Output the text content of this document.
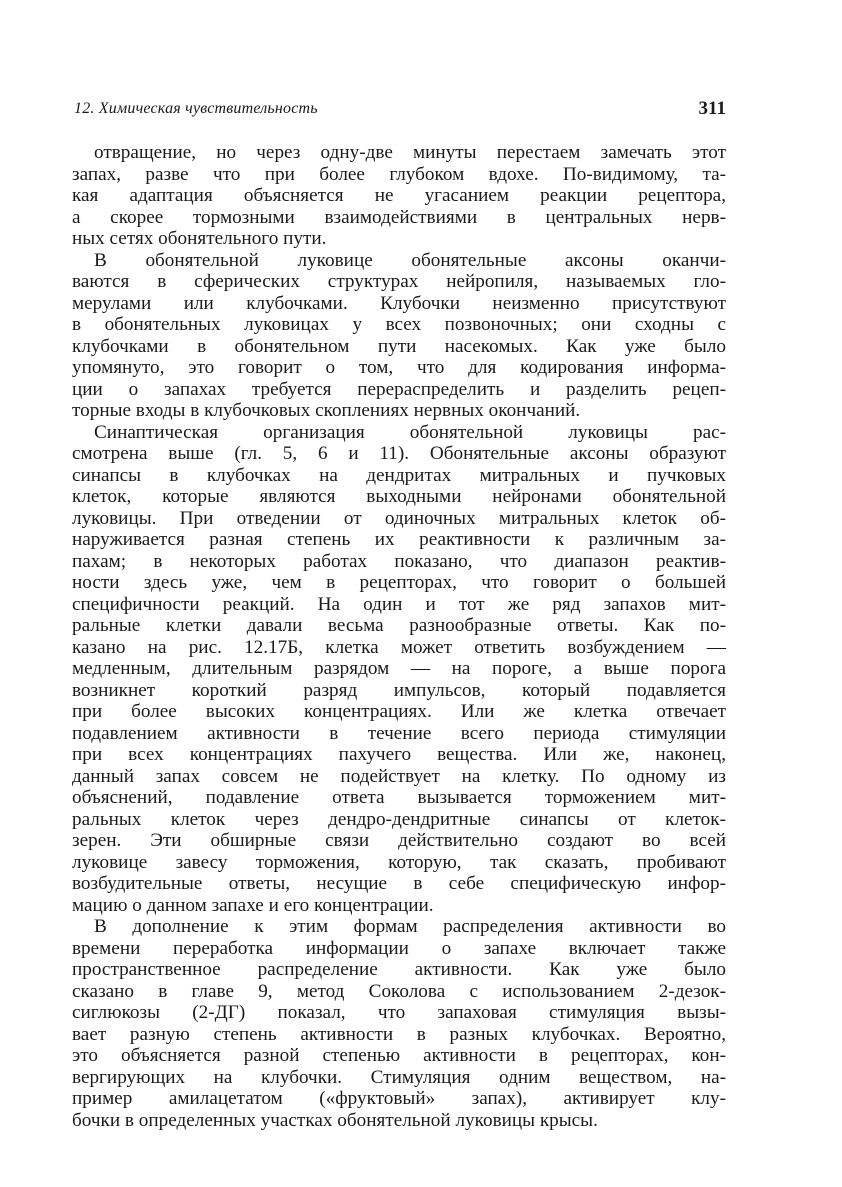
12. Химическая чувствительность	311
отвращение, но через одну-две минуты перестаем замечать этот
запах, разве что при более глубоком вдохе. По-видимому, та-
кая адаптация объясняется не угасанием реакции рецептора,
а скорее тормозными взаимодействиями в центральных нерв-
ных сетях обонятельного пути.
В обонятельной луковице обонятельные аксоны оканчи-
ваются в сферических структурах нейропиля, называемых гло-
мерулами или клубочками. Клубочки неизменно присутствуют
в обонятельных луковицах у всех позвоночных; они сходны с
клубочками в обонятельном пути насекомых. Как уже было
упомянуто, это говорит о том, что для кодирования информа-
ции о запахах требуется перераспределить и разделить рецеп-
торные входы в клубочковых скоплениях нервных окончаний.
Синаптическая организация обонятельной луковицы рас-
смотрена выше (гл. 5, 6 и 11). Обонятельные аксоны образуют
синапсы в клубочках на дендритах митральных и пучковых
клеток, которые являются выходными нейронами обонятельной
луковицы. При отведении от одиночных митральных клеток об-
наруживается разная степень их реактивности к различным за-
пахам; в некоторых работах показано, что диапазон реактив-
ности здесь уже, чем в рецепторах, что говорит о большей
специфичности реакций. На один и тот же ряд запахов мит-
ральные клетки давали весьма разнообразные ответы. Как по-
казано на рис. 12.17Б, клетка может ответить возбуждением —
медленным, длительным разрядом — на пороге, а выше порога
возникнет короткий разряд импульсов, который подавляется
при более высоких концентрациях. Или же клетка отвечает
подавлением активности в течение всего периода стимуляции
при всех концентрациях пахучего вещества. Или же, наконец,
данный запах совсем не подействует на клетку. По одному из
объяснений, подавление ответа вызывается торможением мит-
ральных клеток через дендро-дендритные синапсы от клеток-
зерен. Эти обширные связи действительно создают во всей
луковице завесу торможения, которую, так сказать, пробивают
возбудительные ответы, несущие в себе специфическую инфор-
мацию о данном запахе и его концентрации.
В дополнение к этим формам распределения активности во
времени переработка информации о запахе включает также
пространственное распределение активности. Как уже было
сказано в главе 9, метод Соколова с использованием 2-дезок-
сиглюкозы (2-ДГ) показал, что запаховая стимуляция вызы-
вает разную степень активности в разных клубочках. Вероятно,
это объясняется разной степенью активности в рецепторах, кон-
вергирующих на клубочки. Стимуляция одним веществом, на-
пример амилацетатом («фруктовый» запах), активирует клу-
бочки в определенных участках обонятельной луковицы крысы.
